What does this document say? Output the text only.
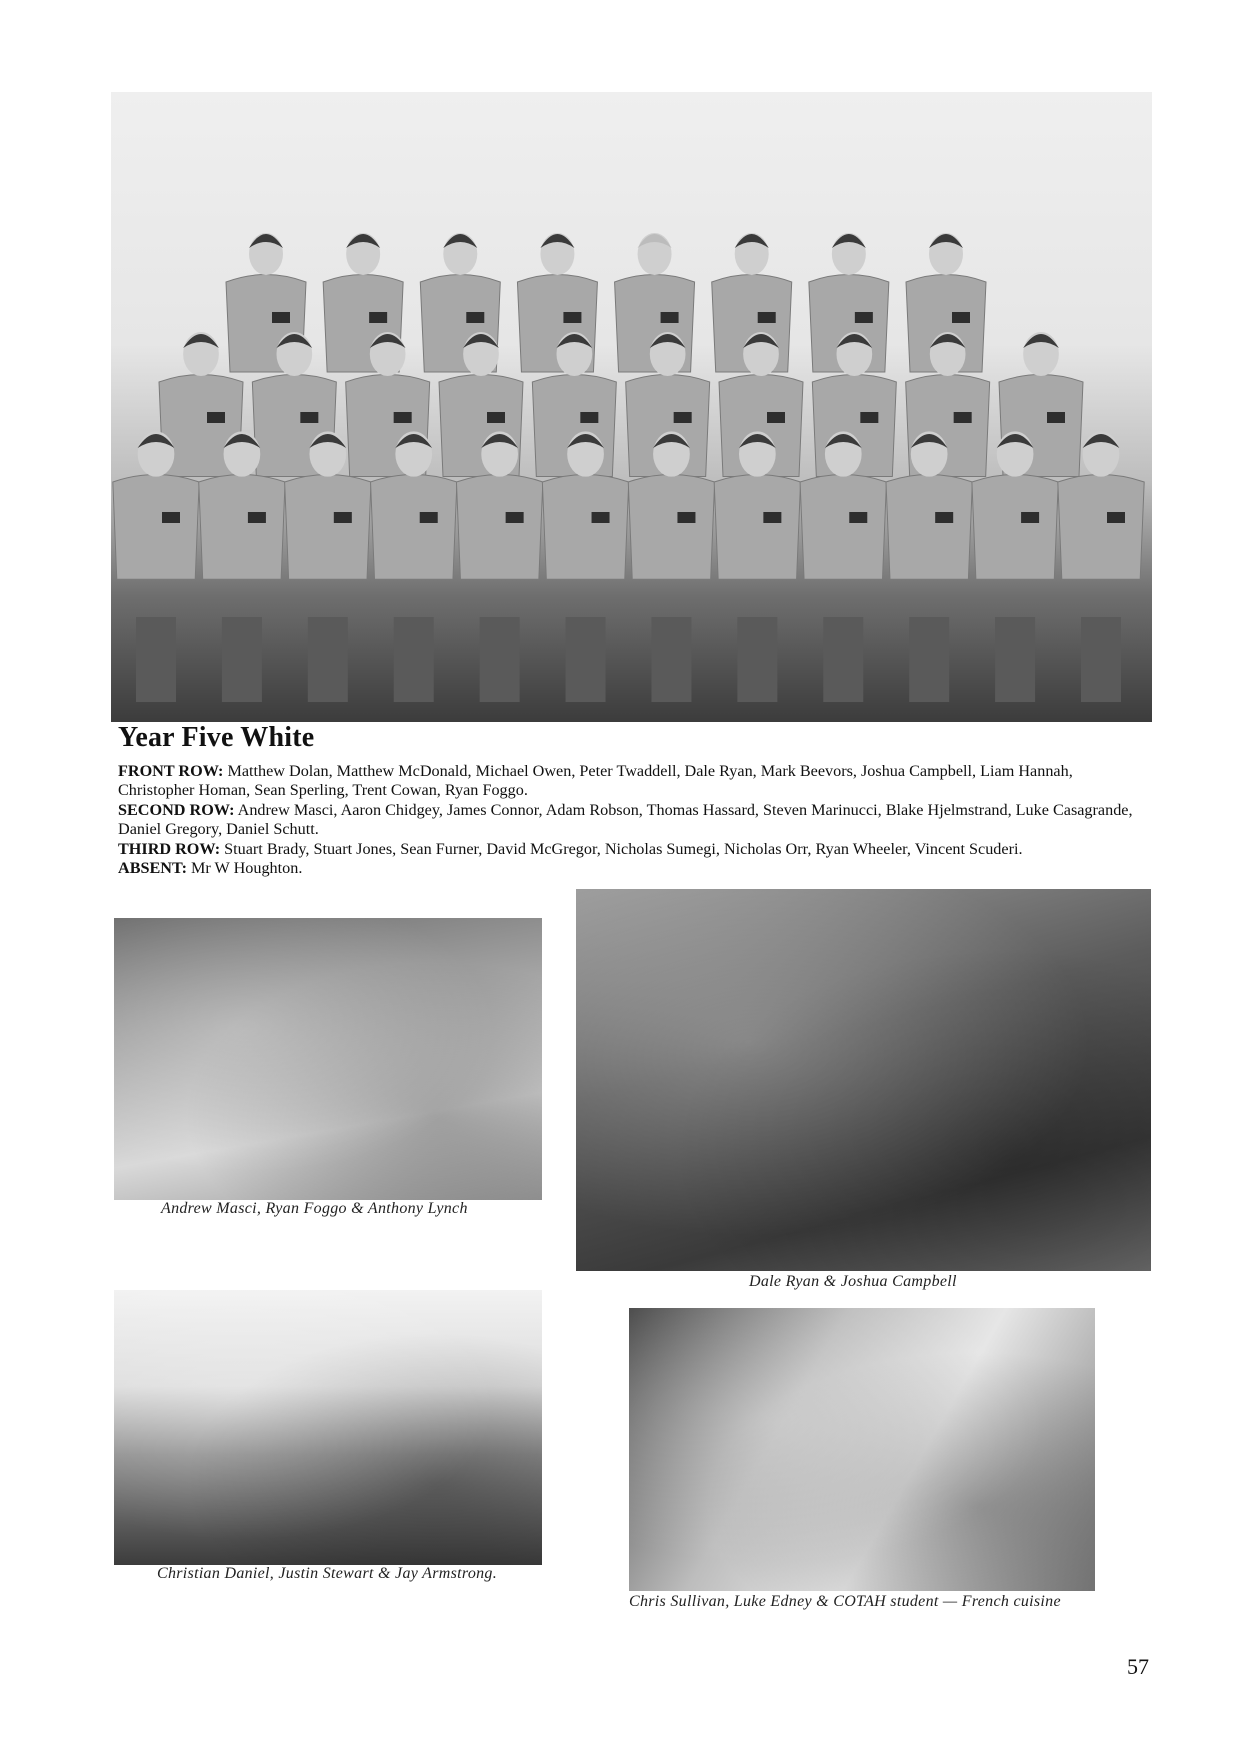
Year Five White

FRONT ROW: Matthew Dolan, Matthew McDonald, Michael Owen, Peter Twaddell, Dale Ryan, Mark Beevors, Joshua Campbell, Liam Hannah, Christopher Homan, Sean Sperling, Trent Cowan, Ryan Foggo.

SECOND ROW: Andrew Masci, Aaron Chidgey, James Connor, Adam Robson, Thomas Hassard, Steven Marinucci, Blake Hjelmstrand, Luke Casagrande, Daniel Gregory, Daniel Schutt.

THIRD ROW: Stuart Brady, Stuart Jones, Sean Furner, David McGregor, Nicholas Sumegi, Nicholas Orr, Ryan Wheeler, Vincent Scuderi.

ABSENT: Mr W Houghton.

Andrew Masci, Ryan Foggo & Anthony Lynch
Dale Ryan & Joshua Campbell
Christian Daniel, Justin Stewart & Jay Armstrong.
Chris Sullivan, Luke Edney & COTAH student — French cuisine
57
